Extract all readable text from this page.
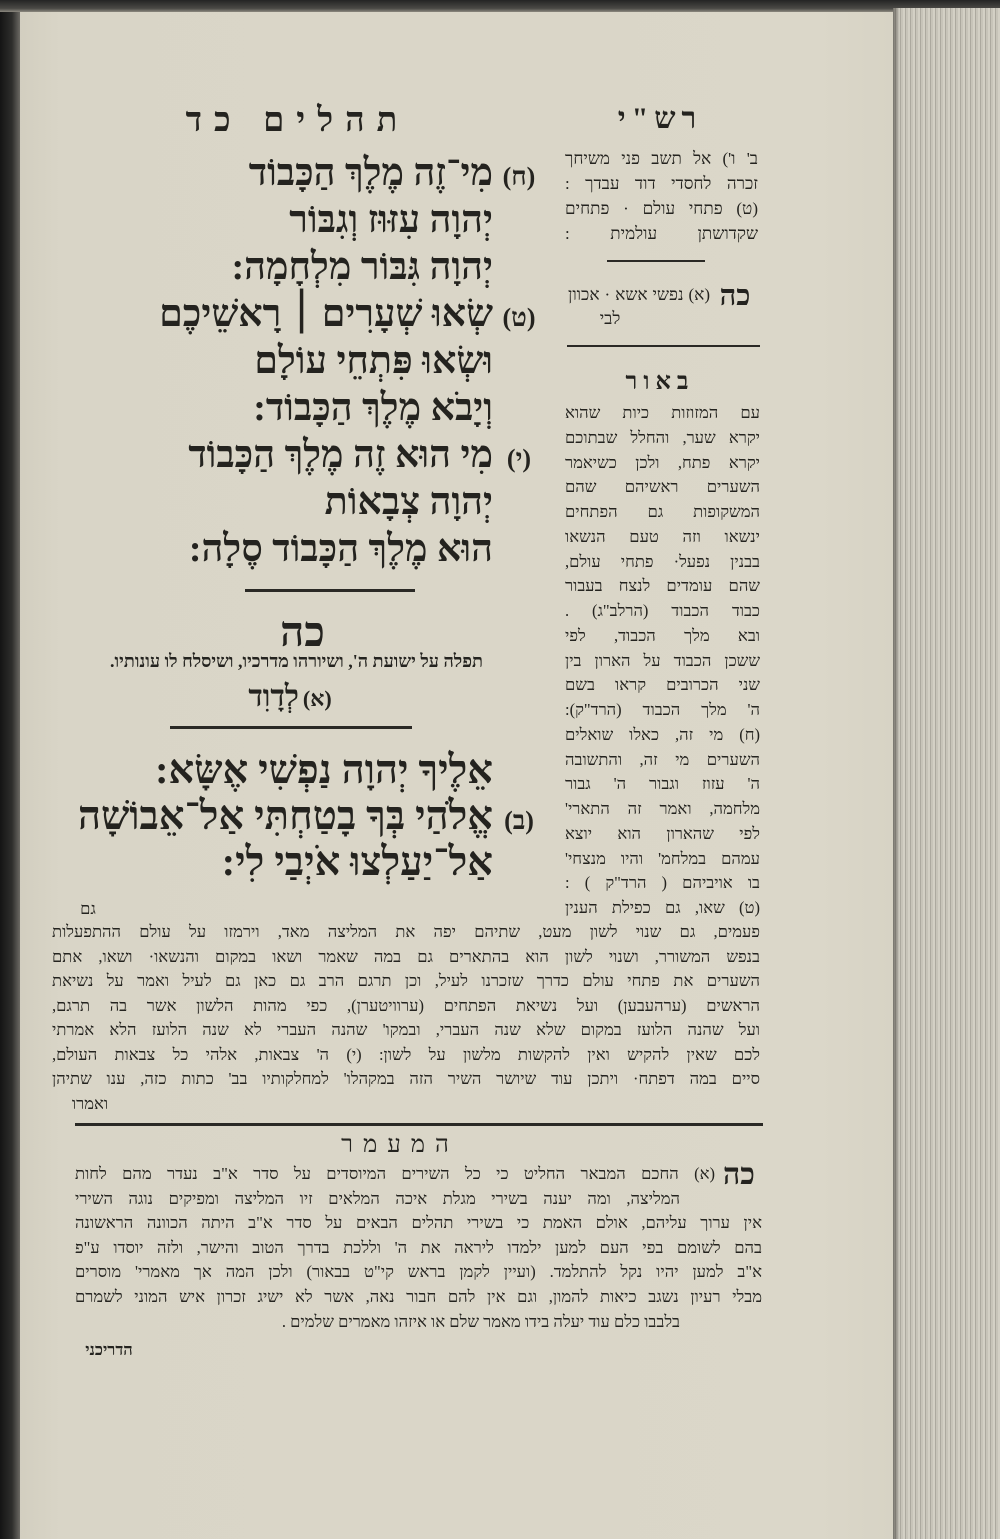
רש"י
תהלים כד
ב' ו') אל תשב פני משיחך
זכרה לחסדי דוד עבדך :
(ט) פתחי עולם · פתחים
שקדושתן עולמית :
כה
(א) נפשי אשא · אכוון
לבי
באור
עם המזוזות כיות שהוא
יקרא שער, והחלל שבתוכם
יקרא פתח, ולכן כשיאמר
השערים ראשיהם שהם
המשקופות גם הפתחים
ינשאו וזה טעם הנשאו
בבנין נפעל· פתחי עולם,
שהם עומדים לנצח בעבור
כבוד הכבוד (הרלב"ג) .
ובא מלך הכבוד, לפי
ששכן הכבוד על הארון בין
שני הכרובים קראו בשם
ה' מלך הכבוד (הרד"ק):
(ח) מי זה, כאלו שואלים
השערים מי זה, והתשובה
ה' עזוז וגבור ה' גבור
מלחמה, ואמר זה התארי'
לפי שהארון הוא יוצא
עמהם במלחמ' והיו מנצחי'
בו אויביהם ( הרד"ק ) :
(ט) שאו, גם כפילת הענין
גם
(ח)מִי־זֶה מֶלֶךְ הַכָּבוֹד
יְהוָה עִזּוּז וְגִבּוֹר
יְהוָה גִּבּוֹר מִלְחָמָה:
(ט)שְׂאוּ שְׁעָרִים ׀ רָאשֵׁיכֶם
וּשְׂאוּ פִּתְחֵי עוֹלָם
וְיָבֹא מֶלֶךְ הַכָּבוֹד:
(י)מִי הוּא זֶה מֶלֶךְ הַכָּבוֹד
יְהוָה צְבָאוֹת
הוּא מֶלֶךְ הַכָּבוֹד סֶלָה:
כה
תפלה על ישועת ה', ושיורהו מדרכיו, ושיסלח לו עונותיו.
(א) לְדָוִד
אֵלֶיךָ יְהוָה נַפְשִׁי אֶשָּׂא:
(ב)אֱלֹהַי בְּךָ בָטַחְתִּי אַל־אֵבוֹשָׁה
אַל־יַעַלְצוּ אֹיְבַי לִי:
פעמים, גם שנוי לשון מעט, שתיהם יפה את המליצה מאד, וירמזו על עולם ההתפעלות
בנפש המשורר, ושנוי לשון הוא בהתארים גם במה שאמר ושאו במקום והנשאו· ושאו, אתם
השערים את פתחי עולם כדרך שזכרנו לעיל, וכן תרגם הרב גם כאן גם לעיל ואמר על נשיאת
הראשים (ערהעבען) ועל נשיאת הפתחים (ערוויטערן), כפי מהות הלשון אשר בה תרגם,
ועל שהנה הלועז במקום שלא שנה העברי, ובמקו' שהנה העברי לא שנה הלועז הלא אמרתי
לכם שאין להקיש ואין להקשות מלשון על לשון: (י) ה' צבאות, אלהי כל צבאות העולם,
סיים במה דפתח· ויתכן עוד שיושר השיר הזה במקהלו' למחלקותיו בב' כתות כזה, ענו שתיהן
ואמרו
המעמר
כה
(א) החכם המבאר החליט כי כל השירים המיוסדים על סדר א"ב נעדר מהם לחות
המליצה, ומה יענה בשירי מגלת איכה המלאים זיו המליצה ומפיקים נוגה השירי
אין ערוך עליהם, אולם האמת כי בשירי תהלים הבאים על סדר א"ב היתה הכוונה הראשונה
בהם לשומם בפי העם למען ילמדו ליראה את ה' וללכת בדרך הטוב והישר, ולזה יוסדו ע"פ
א"ב למען יהיו נקל להתלמד. (ועיין לקמן בראש קי"ט בבאור) ולכן המה אך מאמרי' מוסרים
מבלי רעיון נשגב כיאות להמון, וגם אין להם חבור נאה, אשר לא ישיג זכרון איש המוני לשמרם
בלבבו כלם עוד יעלה בידו מאמר שלם או איזהו מאמרים שלמים .
הדריכני
